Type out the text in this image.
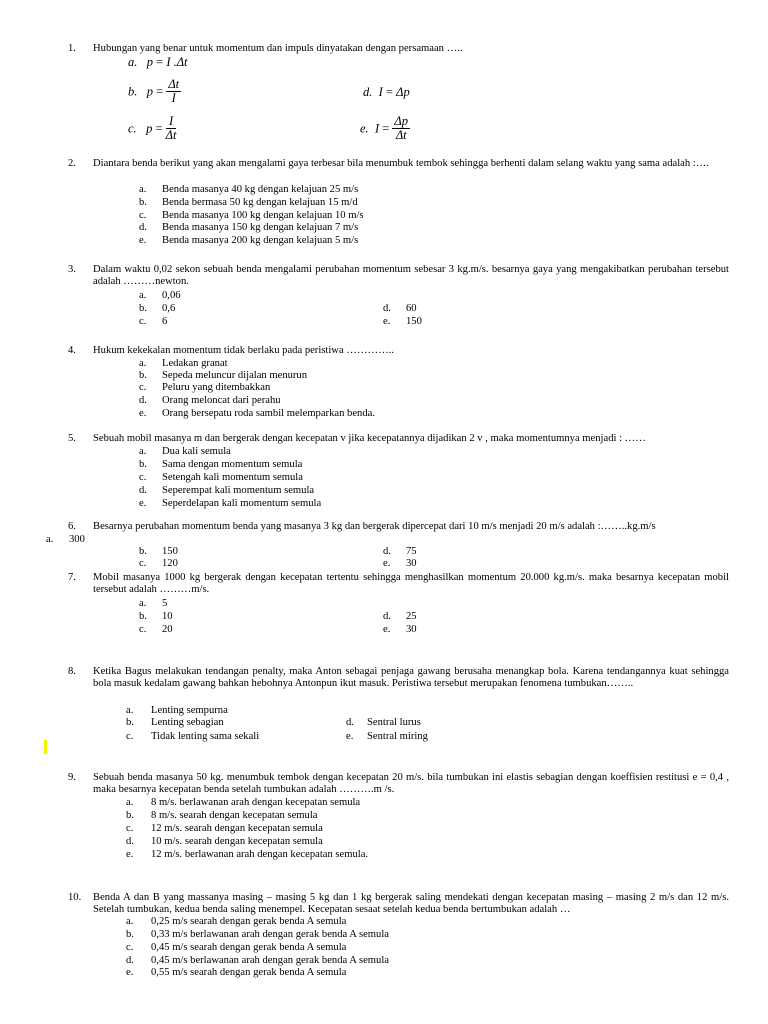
1. Hubungan yang benar untuk momentum dan impuls dinyatakan dengan persamaan …..
a. p = I .Δt
b. $p = \frac{\Delta t}{I}$
c. $p = \frac{I}{\Delta t}$
d. I = Δp
e. $I = \frac{\Delta p}{\Delta t}$
2. Diantara benda berikut yang akan mengalami gaya terbesar bila menumbuk tembok sehingga berhenti dalam selang waktu yang sama adalah :….
a. Benda masanya 40 kg dengan kelajuan 25 m/s
b. Benda bermasa 50 kg dengan kelajuan 15 m/d
c. Benda masanya 100 kg dengan kelajuan 10 m/s
d. Benda masanya 150 kg dengan kelajuan 7 m/s
e. Benda masanya 200 kg dengan kelajuan 5 m/s
3. Dalam waktu 0,02 sekon sebuah benda mengalami perubahan momentum sebesar 3 kg.m/s. besarnya gaya yang mengakibatkan perubahan tersebut adalah ………newton.
a. 0,06
b. 0,6
c. 6
d. 60
e. 150
4. Hukum kekekalan momentum tidak berlaku pada peristiwa …………..
a. Ledakan granat
b. Sepeda meluncur dijalan menurun
c. Peluru yang ditembakkan
d. Orang meloncat dari perahu
e. Orang bersepatu roda sambil melemparkan benda.
5. Sebuah mobil masanya m dan bergerak dengan kecepatan v jika kecepatannya dijadikan 2 v , maka momentumnya menjadi : ……
a. Dua kali semula
b. Sama dengan momentum semula
c. Setengah kali momentum semula
d. Seperempat kali momentum semula
e. Seperdelapan kali momentum semula
6. Besarnya perubahan momentum benda yang masanya 3 kg dan bergerak dipercepat dari 10 m/s menjadi 20 m/s adalah :……..kg.m/s
a. 300
b. 150
c. 120
d. 75
e. 30
7. Mobil masanya 1000 kg bergerak dengan kecepatan tertentu sehingga menghasilkan momentum 20.000 kg.m/s. maka besarnya kecepatan mobil tersebut adalah ………m/s.
a. 5
b. 10
c. 20
d. 25
e. 30
8. Ketika Bagus melakukan tendangan penalty, maka Anton sebagai penjaga gawang berusaha menangkap bola. Karena tendangannya kuat sehingga bola masuk kedalam gawang bahkan hebohnya Antonpun ikut masuk. Peristiwa tersebut merupakan fenomena tumbukan……..
a. Lenting sempurna
b. Lenting sebagian
c. Tidak lenting sama sekali
d. Sentral lurus
e. Sentral miring
9. Sebuah benda masanya 50 kg. menumbuk tembok dengan kecepatan 20 m/s. bila tumbukan ini elastis sebagian dengan koeffisien restitusi e = 0,4 , maka besarnya kecepatan benda setelah tumbukan adalah ……….m /s.
a. 8 m/s. berlawanan arah dengan kecepatan semula
b. 8 m/s. searah dengan kecepatan semula
c. 12 m/s. searah dengan kecepatan semula
d. 10 m/s. searah dengan kecepatan semula
e. 12 m/s. berlawanan arah dengan kecepatan semula.
10. Benda A dan B yang massanya masing – masing 5 kg dan 1 kg bergerak saling mendekati dengan kecepatan masing – masing 2 m/s dan 12 m/s. Setelah tumbukan, kedua benda saling menempel. Kecepatan sesaat setelah kedua benda bertumbukan adalah …
a. 0,25 m/s searah dengan gerak benda A semula
b. 0,33 m/s berlawanan arah dengan gerak benda A semula
c. 0,45 m/s searah dengan gerak benda A semula
d. 0,45 m/s berlawanan arah dengan gerak benda A semula
e. 0,55 m/s searah dengan gerak benda A semula
